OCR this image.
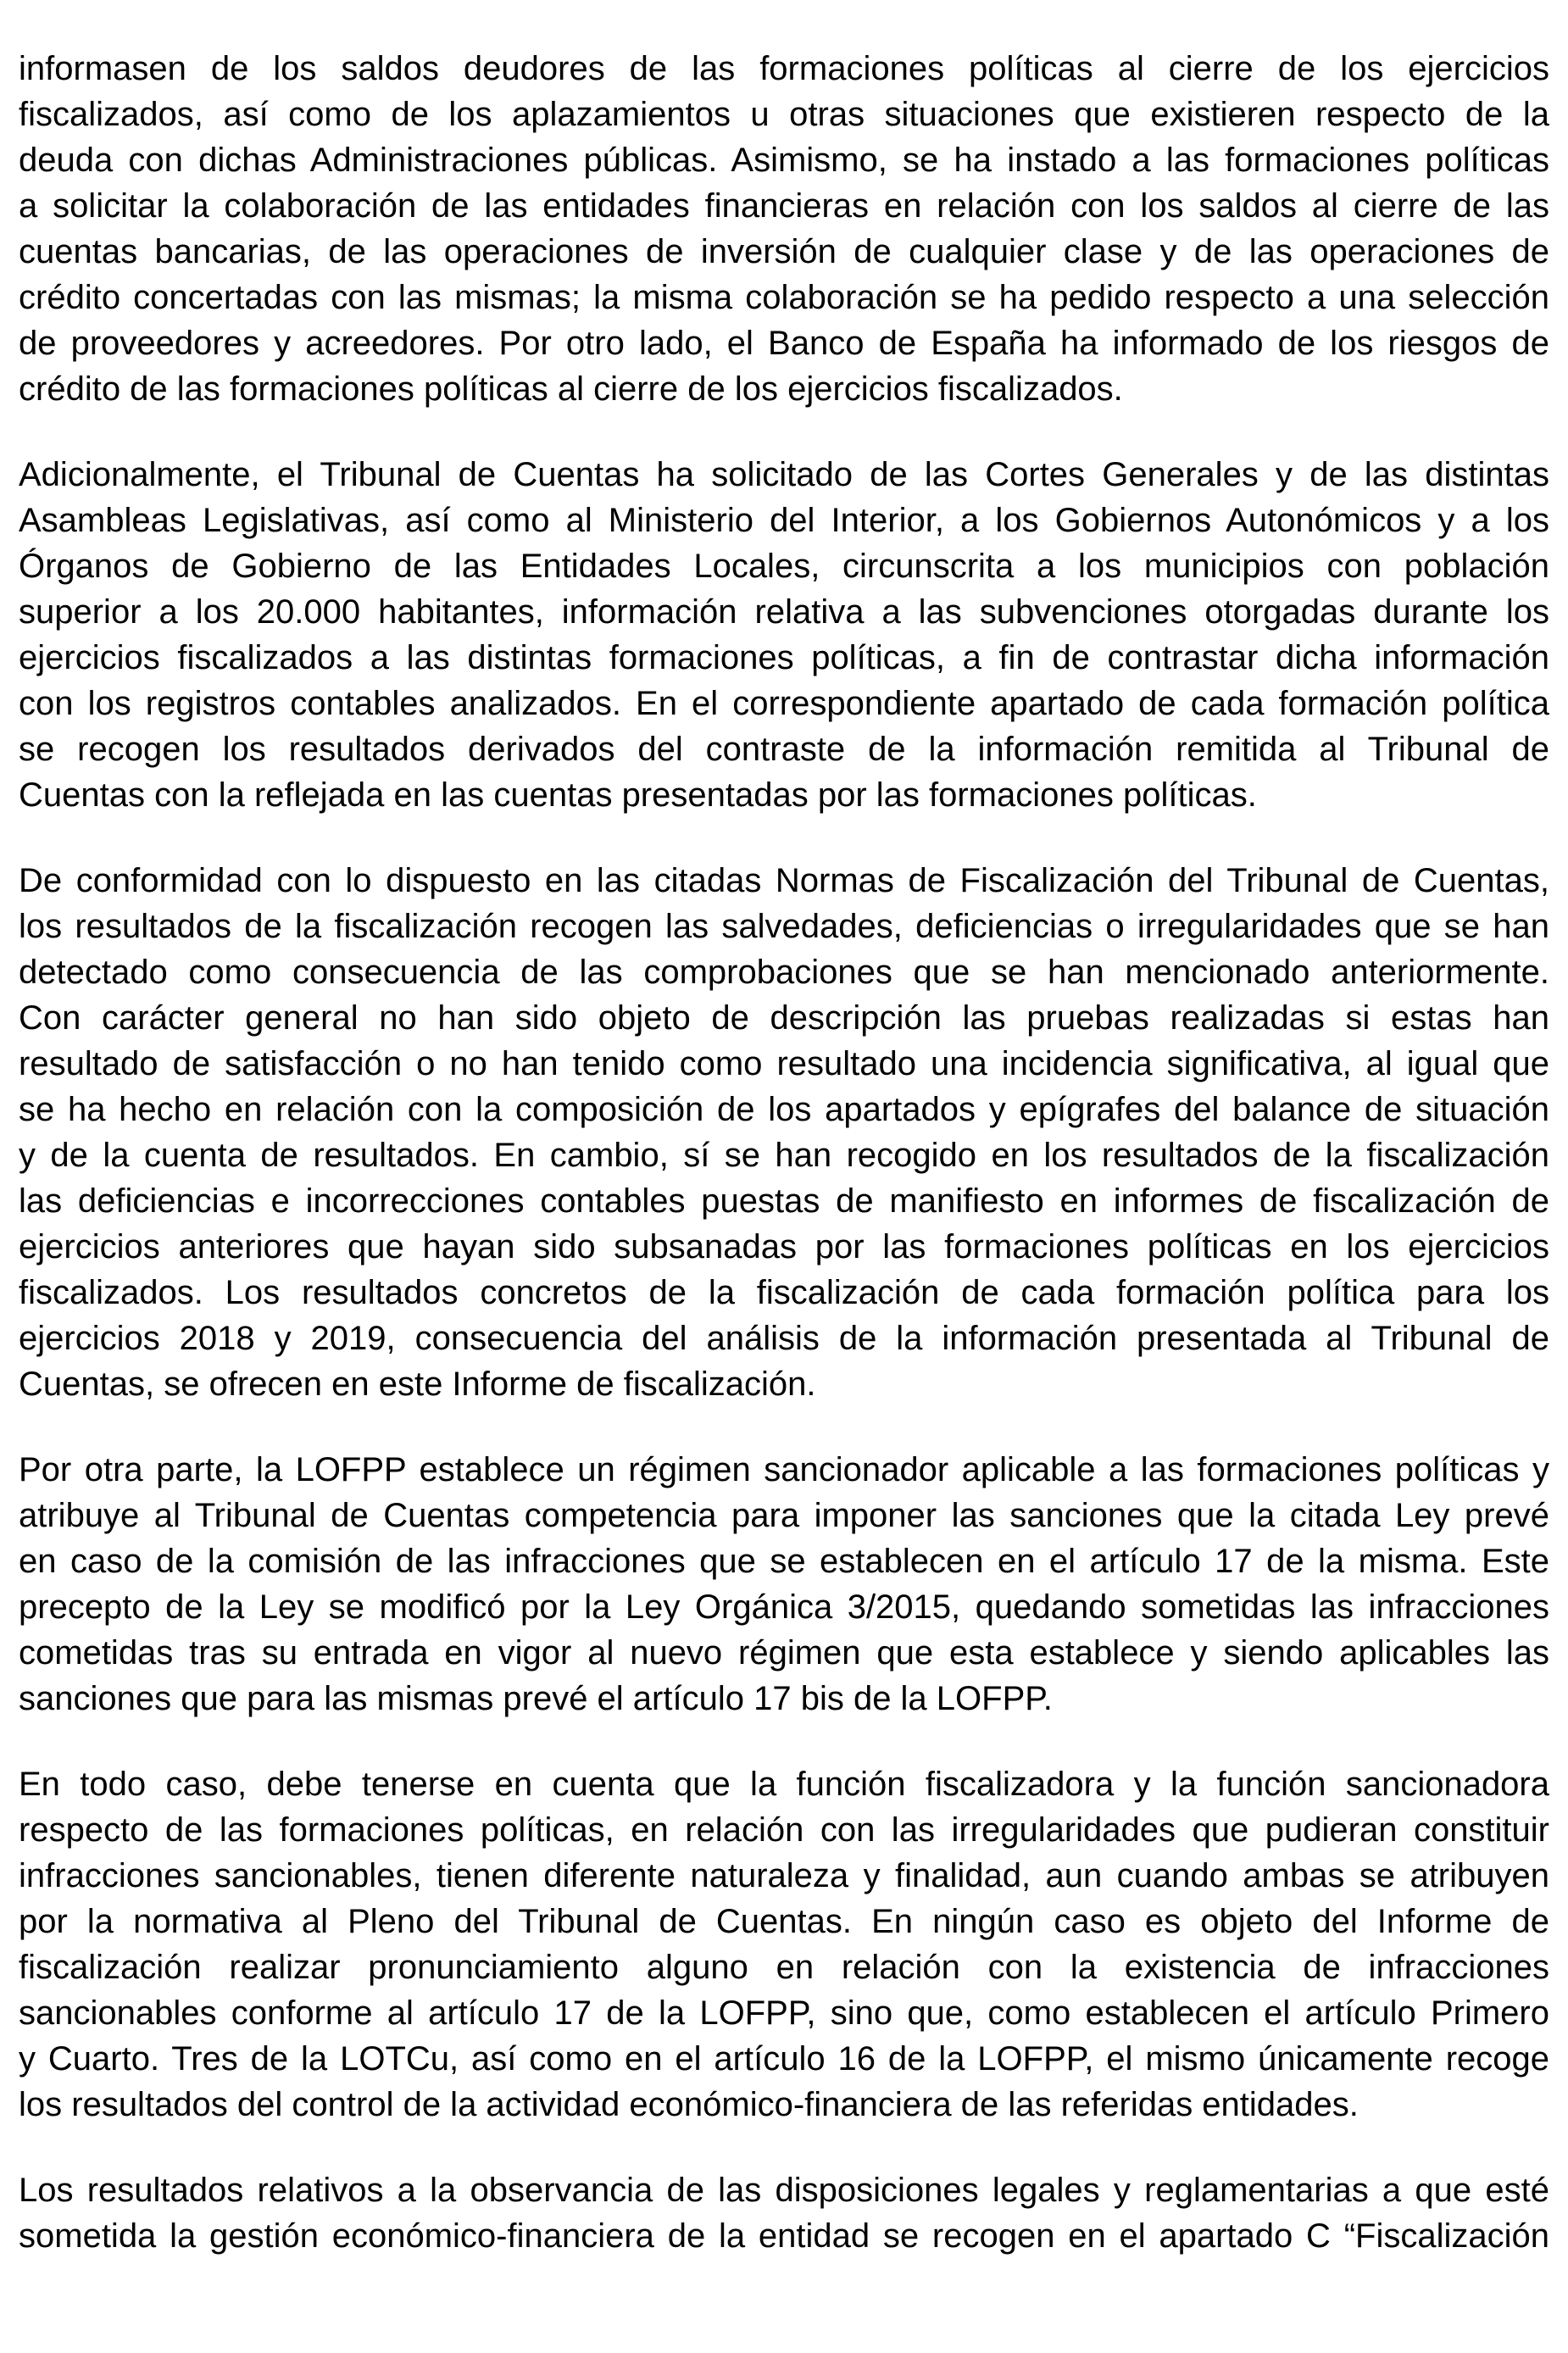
informasen de los saldos deudores de las formaciones políticas al cierre de los ejercicios
fiscalizados, así como de los aplazamientos u otras situaciones que existieren respecto de la
deuda con dichas Administraciones públicas. Asimismo, se ha instado a las formaciones políticas
a solicitar la colaboración de las entidades financieras en relación con los saldos al cierre de las
cuentas bancarias, de las operaciones de inversión de cualquier clase y de las operaciones de
crédito concertadas con las mismas; la misma colaboración se ha pedido respecto a una selección
de proveedores y acreedores. Por otro lado, el Banco de España ha informado de los riesgos de
crédito de las formaciones políticas al cierre de los ejercicios fiscalizados.
Adicionalmente, el Tribunal de Cuentas ha solicitado de las Cortes Generales y de las distintas
Asambleas Legislativas, así como al Ministerio del Interior, a los Gobiernos Autonómicos y a los
Órganos de Gobierno de las Entidades Locales, circunscrita a los municipios con población
superior a los 20.000 habitantes, información relativa a las subvenciones otorgadas durante los
ejercicios fiscalizados a las distintas formaciones políticas, a fin de contrastar dicha información
con los registros contables analizados. En el correspondiente apartado de cada formación política
se recogen los resultados derivados del contraste de la información remitida al Tribunal de
Cuentas con la reflejada en las cuentas presentadas por las formaciones políticas.
De conformidad con lo dispuesto en las citadas Normas de Fiscalización del Tribunal de Cuentas,
los resultados de la fiscalización recogen las salvedades, deficiencias o irregularidades que se han
detectado como consecuencia de las comprobaciones que se han mencionado anteriormente.
Con carácter general no han sido objeto de descripción las pruebas realizadas si estas han
resultado de satisfacción o no han tenido como resultado una incidencia significativa, al igual que
se ha hecho en relación con la composición de los apartados y epígrafes del balance de situación
y de la cuenta de resultados. En cambio, sí se han recogido en los resultados de la fiscalización
las deficiencias e incorrecciones contables puestas de manifiesto en informes de fiscalización de
ejercicios anteriores que hayan sido subsanadas por las formaciones políticas en los ejercicios
fiscalizados. Los resultados concretos de la fiscalización de cada formación política para los
ejercicios 2018 y 2019, consecuencia del análisis de la información presentada al Tribunal de
Cuentas, se ofrecen en este Informe de fiscalización.
Por otra parte, la LOFPP establece un régimen sancionador aplicable a las formaciones políticas y
atribuye al Tribunal de Cuentas competencia para imponer las sanciones que la citada Ley prevé
en caso de la comisión de las infracciones que se establecen en el artículo 17 de la misma. Este
precepto de la Ley se modificó por la Ley Orgánica 3/2015, quedando sometidas las infracciones
cometidas tras su entrada en vigor al nuevo régimen que esta establece y siendo aplicables las
sanciones que para las mismas prevé el artículo 17 bis de la LOFPP.
En todo caso, debe tenerse en cuenta que la función fiscalizadora y la función sancionadora
respecto de las formaciones políticas, en relación con las irregularidades que pudieran constituir
infracciones sancionables, tienen diferente naturaleza y finalidad, aun cuando ambas se atribuyen
por la normativa al Pleno del Tribunal de Cuentas. En ningún caso es objeto del Informe de
fiscalización realizar pronunciamiento alguno en relación con la existencia de infracciones
sancionables conforme al artículo 17 de la LOFPP, sino que, como establecen el artículo Primero
y Cuarto. Tres de la LOTCu, así como en el artículo 16 de la LOFPP, el mismo únicamente recoge
los resultados del control de la actividad económico-financiera de las referidas entidades.
Los resultados relativos a la observancia de las disposiciones legales y reglamentarias a que esté
sometida la gestión económico-financiera de la entidad se recogen en el apartado C “Fiscalización
